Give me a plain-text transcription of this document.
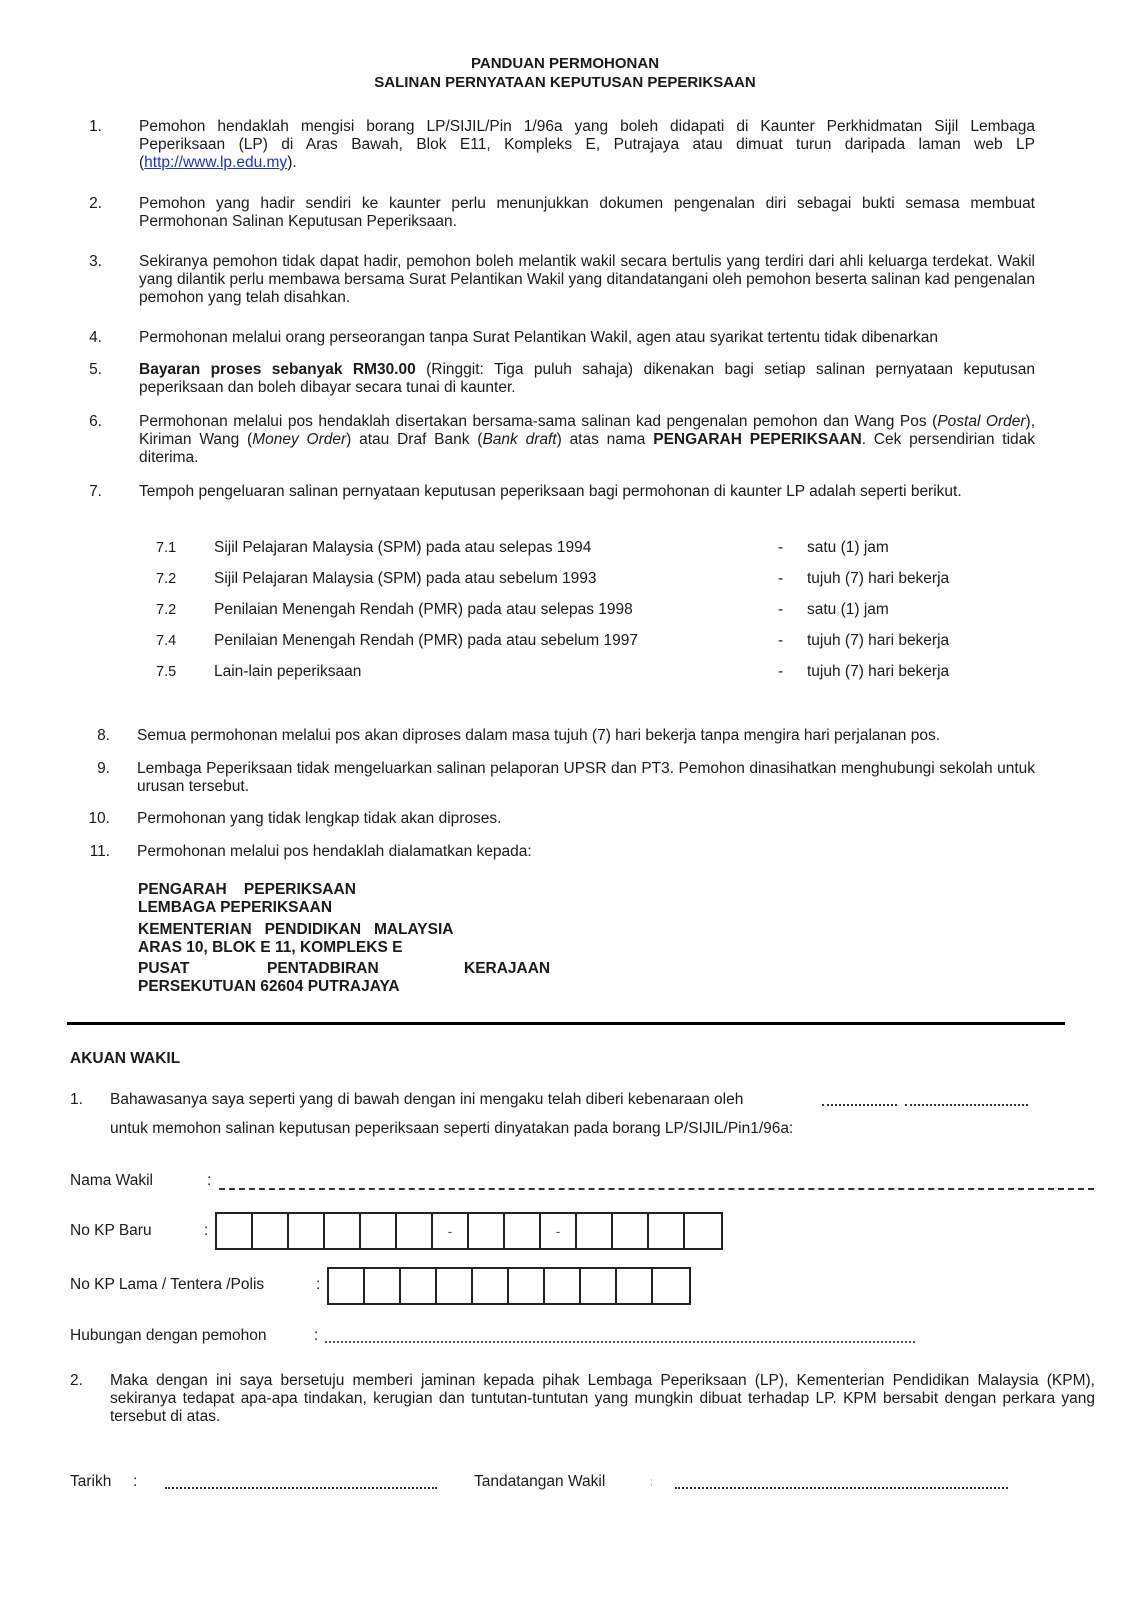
PANDUAN PERMOHONAN
SALINAN PERNYATAAN KEPUTUSAN PEPERIKSAAN
1. Pemohon hendaklah mengisi borang LP/SIJIL/Pin 1/96a yang boleh didapati di Kaunter Perkhidmatan Sijil Lembaga
Peperiksaan (LP) di Aras Bawah, Blok E11, Kompleks E, Putrajaya atau dimuat turun daripada laman web LP
(http://www.lp.edu.my).
2. Pemohon yang hadir sendiri ke kaunter perlu menunjukkan dokumen pengenalan diri sebagai bukti semasa membuat Permohonan Salinan Keputusan Peperiksaan.
3. Sekiranya pemohon tidak dapat hadir, pemohon boleh melantik wakil secara bertulis yang terdiri dari ahli keluarga terdekat. Wakil yang dilantik perlu membawa bersama Surat Pelantikan Wakil yang ditandatangani oleh pemohon beserta salinan kad pengenalan pemohon yang telah disahkan.
4. Permohonan melalui orang perseorangan tanpa Surat Pelantikan Wakil, agen atau syarikat tertentu tidak dibenarkan
5. Bayaran proses sebanyak RM30.00 (Ringgit: Tiga puluh sahaja) dikenakan bagi setiap salinan pernyataan keputusan peperiksaan dan boleh dibayar secara tunai di kaunter.
6. Permohonan melalui pos hendaklah disertakan bersama-sama salinan kad pengenalan pemohon dan Wang Pos (Postal Order), Kiriman Wang (Money Order) atau Draf Bank (Bank draft) atas nama PENGARAH PEPERIKSAAN. Cek persendirian tidak diterima.
7. Tempoh pengeluaran salinan pernyataan keputusan peperiksaan bagi permohonan di kaunter LP adalah seperti berikut.
7.1 Sijil Pelajaran Malaysia (SPM) pada atau selepas 1994	- satu (1) jam
7.2 Sijil Pelajaran Malaysia (SPM) pada atau sebelum 1993	- tujuh (7) hari bekerja
7.2 Penilaian Menengah Rendah (PMR) pada atau selepas 1998	- satu (1) jam
7.4 Penilaian Menengah Rendah (PMR) pada atau sebelum 1997	- tujuh (7) hari bekerja
7.5 Lain-lain peperiksaan	- tujuh (7) hari bekerja
8. Semua permohonan melalui pos akan diproses dalam masa tujuh (7) hari bekerja tanpa mengira hari perjalanan pos.
9. Lembaga Peperiksaan tidak mengeluarkan salinan pelaporan UPSR dan PT3. Pemohon dinasihatkan menghubungi sekolah untuk urusan tersebut.
10. Permohonan yang tidak lengkap tidak akan diproses.
11. Permohonan melalui pos hendaklah dialamatkan kepada:
PENGARAH    PEPERIKSAAN
LEMBAGA PEPERIKSAAN
KEMENTERIAN   PENDIDIKAN   MALAYSIA
ARAS 10, BLOK E 11, KOMPLEKS E
PUSAT	PENTADBIRAN	KERAJAAN
PERSEKUTUAN 62604 PUTRAJAYA
AKUAN WAKIL
1. Bahawasanya saya seperti yang di bawah dengan ini mengaku telah diberi kebenaraan oleh
untuk memohon salinan keputusan peperiksaan seperti dinyatakan pada borang LP/SIJIL/Pin1/96a:
Nama Wakil	:
No KP Baru	:	-	-
No KP Lama / Tentera /Polis	:
Hubungan dengan pemohon	:
2. Maka dengan ini saya bersetuju memberi jaminan kepada pihak Lembaga Peperiksaan (LP), Kementerian Pendidikan Malaysia (KPM), sekiranya tedapat apa-apa tindakan, kerugian dan tuntutan-tuntutan yang mungkin dibuat terhadap LP. KPM bersabit dengan perkara yang tersebut di atas.
Tarikh :	Tandatangan Wakil	:
